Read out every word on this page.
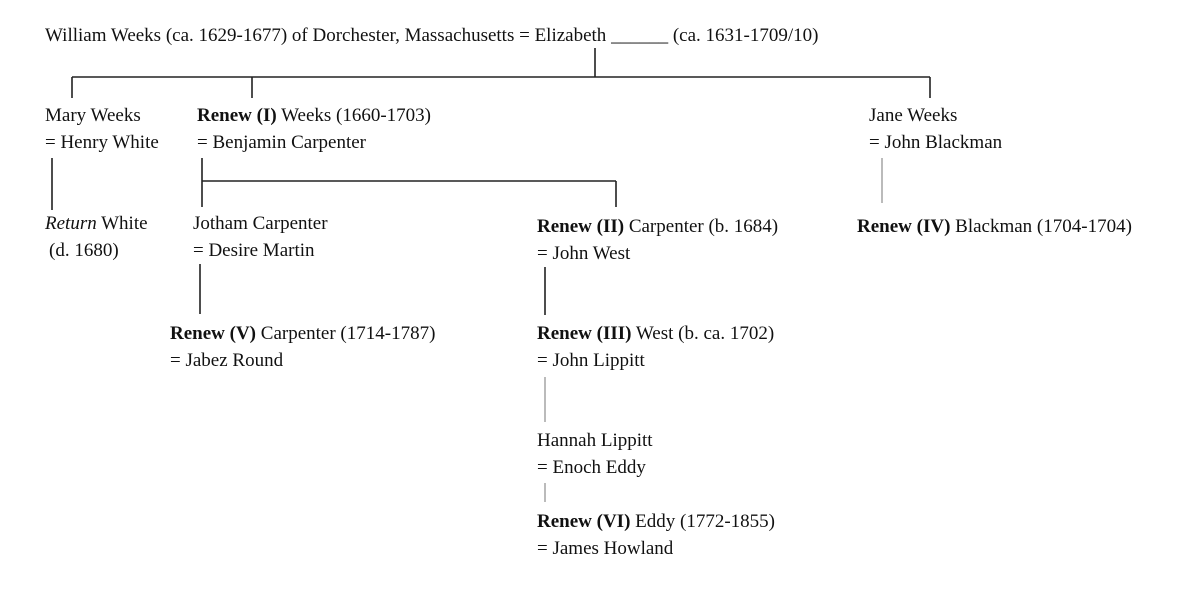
William Weeks (ca. 1629-1677) of Dorchester, Massachusetts = Elizabeth ______ (ca. 1631-1709/10)
Mary Weeks
= Henry White
Renew (I) Weeks (1660-1703)
= Benjamin Carpenter
Jane Weeks
= John Blackman
Return White
(d. 1680)
Jotham Carpenter
= Desire Martin
Renew (II) Carpenter (b. 1684)
= John West
Renew (IV) Blackman (1704-1704)
Renew (V) Carpenter (1714-1787)
= Jabez Round
Renew (III) West (b. ca. 1702)
= John Lippitt
Hannah Lippitt
= Enoch Eddy
Renew (VI) Eddy (1772-1855)
= James Howland
